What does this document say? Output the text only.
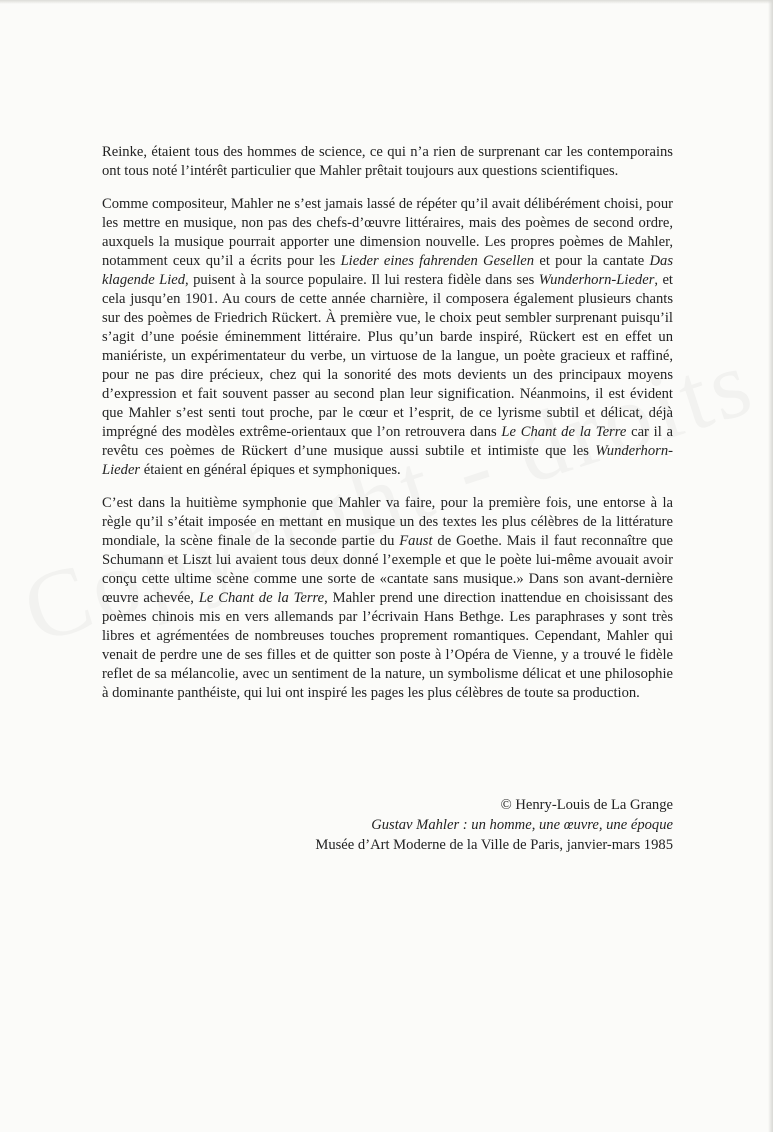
Reinke, étaient tous des hommes de science, ce qui n’a rien de surprenant car les contemporains ont tous noté l’intérêt particulier que Mahler prêtait toujours aux questions scientifiques.

Comme compositeur, Mahler ne s’est jamais lassé de répéter qu’il avait délibérément choisi, pour les mettre en musique, non pas des chefs-d’œuvre littéraires, mais des poèmes de second ordre, auxquels la musique pourrait apporter une dimension nouvelle. Les propres poèmes de Mahler, notamment ceux qu’il a écrits pour les Lieder eines fahrenden Gesellen et pour la cantate Das klagende Lied, puisent à la source populaire. Il lui restera fidèle dans ses Wunderhorn-Lieder, et cela jusqu’en 1901. Au cours de cette année charnière, il composera également plusieurs chants sur des poèmes de Friedrich Rückert. À première vue, le choix peut sembler surprenant puisqu’il s’agit d’une poésie éminemment littéraire. Plus qu’un barde inspiré, Rückert est en effet un maniériste, un expérimentateur du verbe, un virtuose de la langue, un poète gracieux et raffiné, pour ne pas dire précieux, chez qui la sonorité des mots devients un des principaux moyens d’expression et fait souvent passer au second plan leur signification. Néanmoins, il est évident que Mahler s’est senti tout proche, par le cœur et l’esprit, de ce lyrisme subtil et délicat, déjà imprégné des modèles extrême-orientaux que l’on retrouvera dans Le Chant de la Terre car il a revêtu ces poèmes de Rückert d’une musique aussi subtile et intimiste que les Wunderhorn-Lieder étaient en général épiques et symphoniques.

C’est dans la huitième symphonie que Mahler va faire, pour la première fois, une entorse à la règle qu’il s’était imposée en mettant en musique un des textes les plus célèbres de la littérature mondiale, la scène finale de la seconde partie du Faust de Goethe. Mais il faut reconnaître que Schumann et Liszt lui avaient tous deux donné l’exemple et que le poète lui-même avouait avoir conçu cette ultime scène comme une sorte de «cantate sans musique.» Dans son avant-dernière œuvre achevée, Le Chant de la Terre, Mahler prend une direction inattendue en choisissant des poèmes chinois mis en vers allemands par l’écrivain Hans Bethge. Les paraphrases y sont très libres et agrémentées de nombreuses touches proprement romantiques. Cependant, Mahler qui venait de perdre une de ses filles et de quitter son poste à l’Opéra de Vienne, y a trouvé le fidèle reflet de sa mélancolie, avec un sentiment de la nature, un symbolisme délicat et une philosophie à dominante panthéiste, qui lui ont inspiré les pages les plus célèbres de toute sa production.

© Henry-Louis de La Grange
Gustav Mahler : un homme, une œuvre, une époque
Musée d’Art Moderne de la Ville de Paris, janvier-mars 1985
